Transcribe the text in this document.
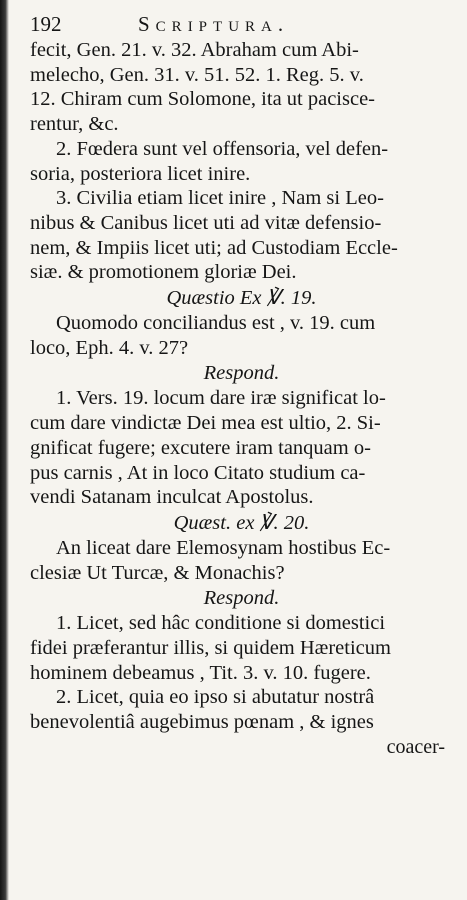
192	Scriptura.
fecit, Gen. 21. v. 32. Abraham cum Abi-
melecho, Gen. 31. v. 51. 52. 1. Reg. 5. v.
12. Chiram cum Solomone, ita ut pacisce-
rentur, &c.
2. Fœdera sunt vel offensoria, vel defen-
soria, posteriora licet inire.
3. Civilia etiam licet inire , Nam si Leo-
nibus & Canibus licet uti ad vitæ defensio-
nem, & Impiis licet uti; ad Custodiam Eccle-
siæ. & promotionem gloriæ Dei.
Quæstio Ex ℣. 19.
Quomodo conciliandus est , v. 19. cum
loco, Eph. 4. v. 27?
Respond.
1. Vers. 19. locum dare iræ significat lo-
cum dare vindictæ Dei mea est ultio, 2. Si-
gnificat fugere; excutere iram tanquam o-
pus carnis , At in loco Citato studium ca-
vendi Satanam inculcat Apostolus.
Quæst. ex ℣. 20.
An liceat dare Elemosynam hostibus Ec-
clesiæ Ut Turcæ, & Monachis?
Respond.
1. Licet, sed hâc conditione si domestici
fidei præferantur illis, si quidem Hæreticum
hominem debeamus , Tit. 3. v. 10. fugere.
2. Licet, quia eo ipso si abutatur nostrâ
benevolentiâ augebimus pœnam , & ignes
coacer-
